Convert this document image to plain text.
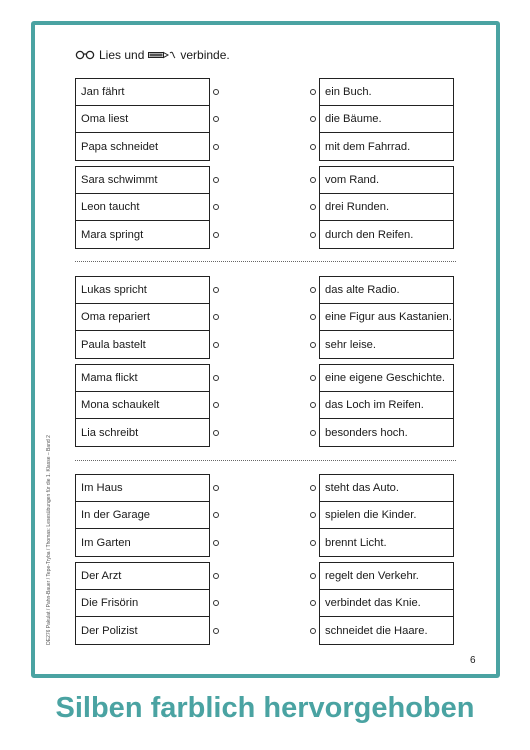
Lies und	verbinde.
DE276 Pakulat / Pahn-Bauer / Tepe-Tryba / Thomas: Lesesübungen für die 1. Klasse – Band 2
Jan fährt
Oma liest
Papa schneidet
ein Buch.
die Bäume.
mit dem Fahrrad.
Sara schwimmt
Leon taucht
Mara springt
vom Rand.
drei Runden.
durch den Reifen.
Lukas spricht
Oma repariert
Paula bastelt
das alte Radio.
eine Figur aus Kastanien.
sehr leise.
Mama flickt
Mona schaukelt
Lia schreibt
eine eigene Geschichte.
das Loch im Reifen.
besonders hoch.
Im Haus
In der Garage
Im Garten
steht das Auto.
spielen die Kinder.
brennt Licht.
Der Arzt
Die Frisörin
Der Polizist
regelt den Verkehr.
verbindet das Knie.
schneidet die Haare.
6
Silben farblich hervorgehoben
